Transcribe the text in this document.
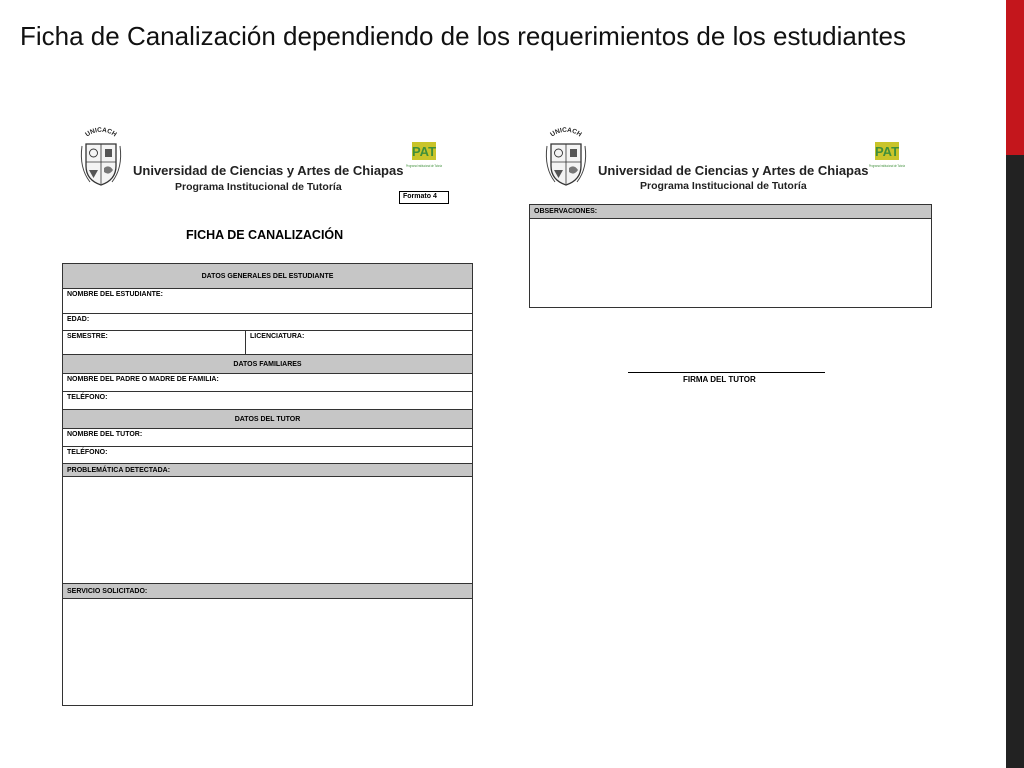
Ficha de Canalización dependiendo de los requerimientos de los estudiantes
UNICACH
Universidad de Ciencias y Artes de Chiapas
Programa Institucional de Tutoría
PAT
Programa Institucional de Tutoría
Formato 4
FICHA DE CANALIZACIÓN
DATOS GENERALES DEL ESTUDIANTE
NOMBRE DEL ESTUDIANTE:
EDAD:
SEMESTRE:	LICENCIATURA:
DATOS FAMILIARES
NOMBRE DEL PADRE O MADRE DE FAMILIA:
TELÉFONO:
DATOS DEL TUTOR
NOMBRE DEL TUTOR:
TELÉFONO:
PROBLEMÁTICA DETECTADA:

SERVICIO SOLICITADO:

UNICACH
Universidad de Ciencias y Artes de Chiapas
Programa Institucional de Tutoría
PAT
Programa Institucional de Tutoría
OBSERVACIONES:

FIRMA DEL TUTOR
